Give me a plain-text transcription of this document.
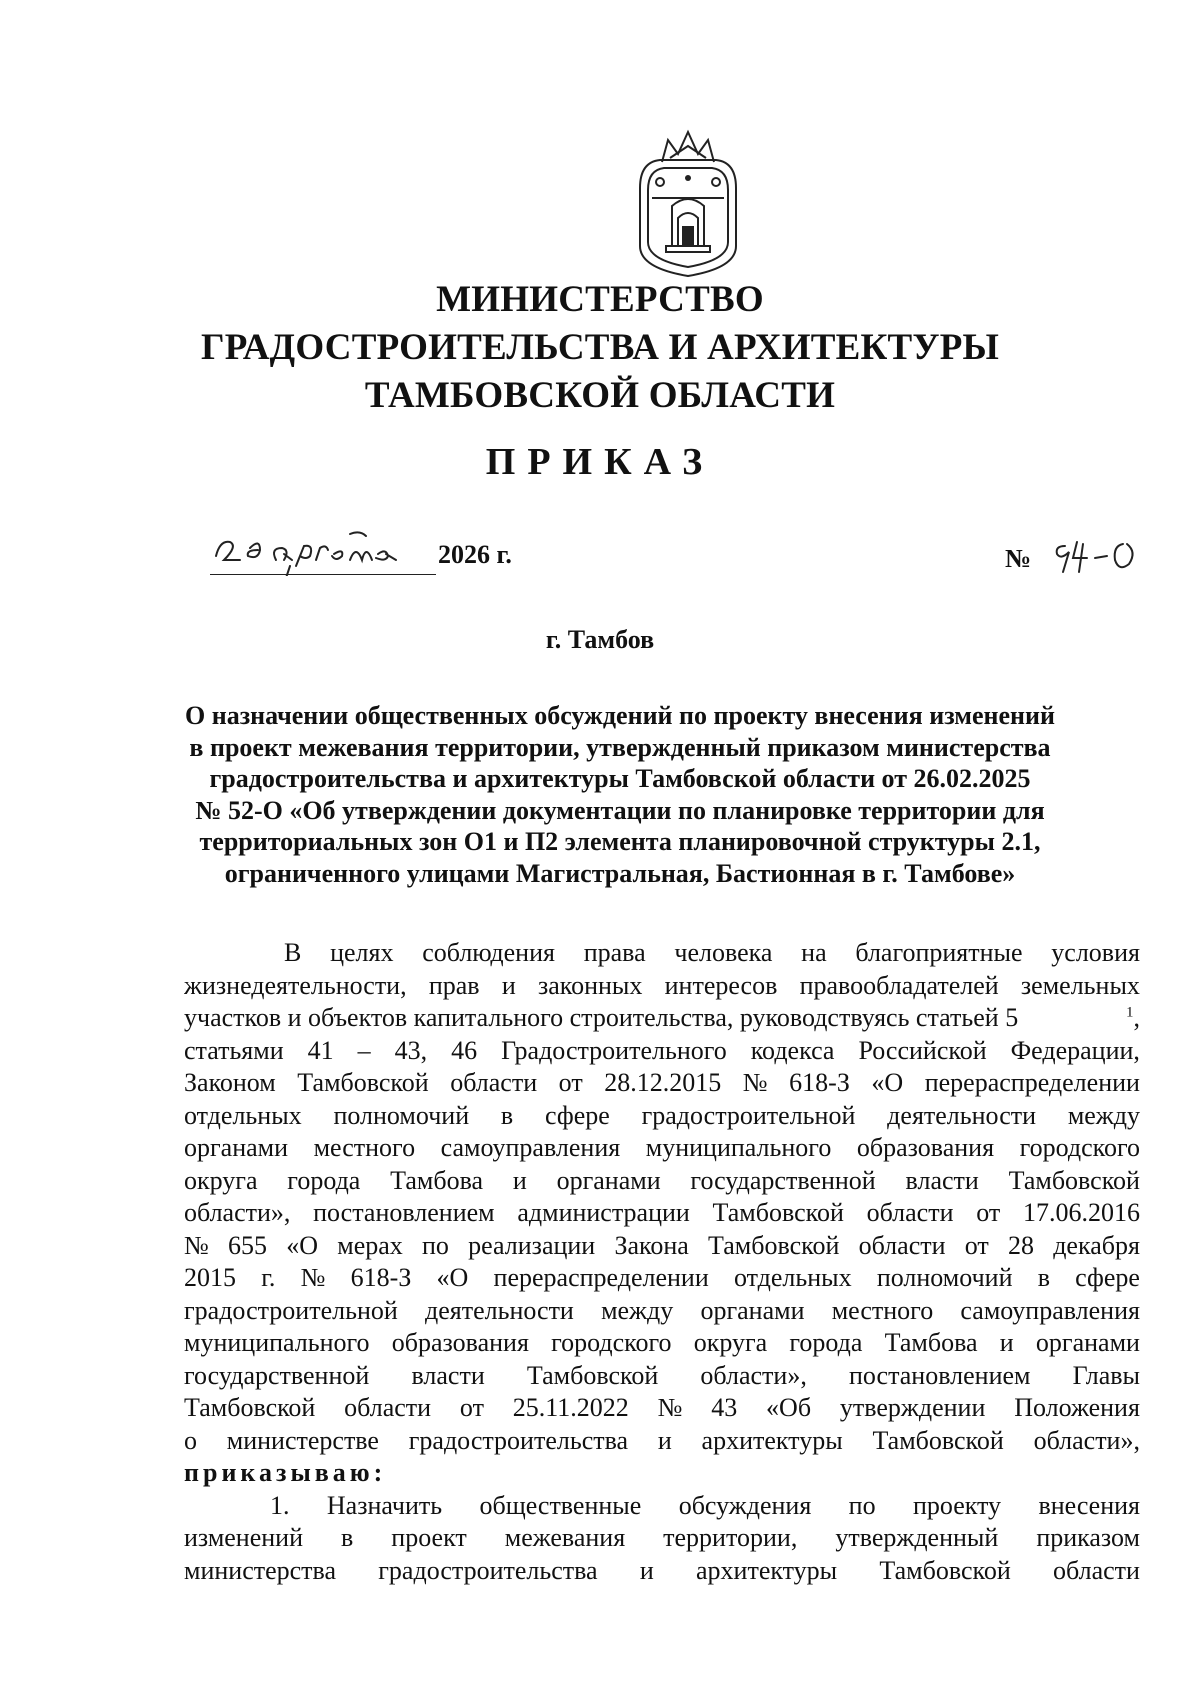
МИНИСТЕРСТВО
ГРАДОСТРОИТЕЛЬСТВА И АРХИТЕКТУРЫ
ТАМБОВСКОЙ ОБЛАСТИ
ПРИКАЗ
2026 г.	№
г. Тамбов
О назначении общественных обсуждений по проекту внесения изменений
в проект межевания территории, утвержденный приказом министерства
градостроительства и архитектуры Тамбовской области от 26.02.2025
№ 52-О «Об утверждении документации по планировке территории для
территориальных зон О1 и П2 элемента планировочной структуры 2.1,
ограниченного улицами Магистральная, Бастионная в г. Тамбове»
В целях соблюдения права человека на благоприятные условия
жизнедеятельности, прав и законных интересов правообладателей земельных
участков и объектов капитального строительства, руководствуясь статьей 5	$^1$,
статьями 41 – 43, 46 Градостроительного кодекса Российской Федерации,
Законом Тамбовской области от 28.12.2015 № 618-З «О перераспределении
отдельных полномочий в сфере градостроительной деятельности между
органами местного самоуправления муниципального образования городского
округа города Тамбова и органами государственной власти Тамбовской
области», постановлением администрации Тамбовской области от 17.06.2016
№ 655 «О мерах по реализации Закона Тамбовской области от 28 декабря
2015 г. № 618-З «О перераспределении отдельных полномочий в сфере
градостроительной деятельности между органами местного самоуправления
муниципального образования городского округа города Тамбова и органами
государственной власти Тамбовской области», постановлением Главы
Тамбовской области от 25.11.2022 № 43 «Об утверждении Положения
о министерстве градостроительства и архитектуры Тамбовской области»,
приказываю:
1. Назначить общественные обсуждения по проекту внесения
изменений в проект межевания территории, утвержденный приказом
министерства градостроительства и архитектуры Тамбовской области
